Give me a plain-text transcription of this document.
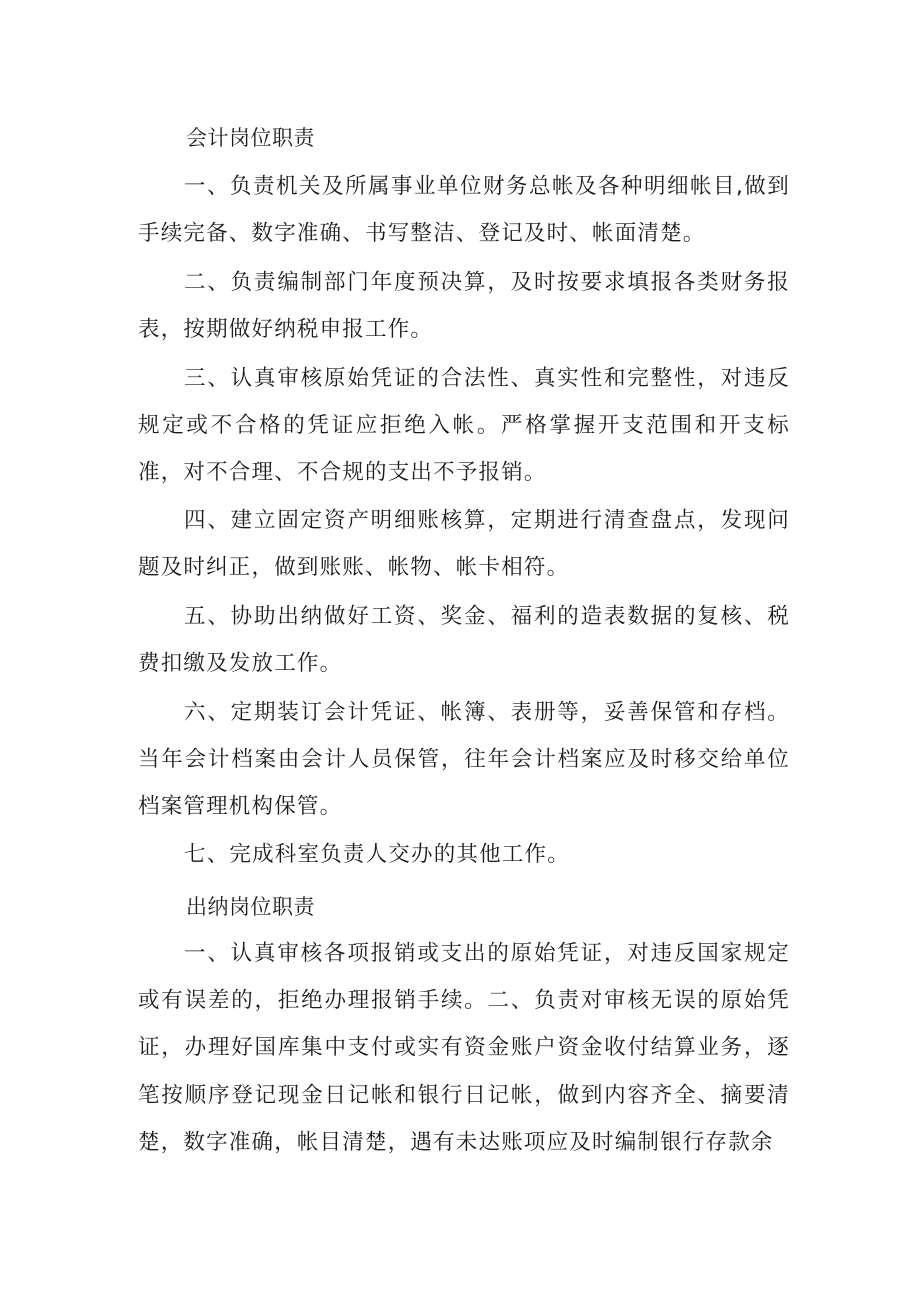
会计岗位职责
一、负责机关及所属事业单位财务总帐及各种明细帐目,做到手续完备、数字准确、书写整洁、登记及时、帐面清楚。
二、负责编制部门年度预决算，及时按要求填报各类财务报表，按期做好纳税申报工作。
三、认真审核原始凭证的合法性、真实性和完整性，对违反规定或不合格的凭证应拒绝入帐。严格掌握开支范围和开支标准，对不合理、不合规的支出不予报销。
四、建立固定资产明细账核算，定期进行清查盘点，发现问题及时纠正，做到账账、帐物、帐卡相符。
五、协助出纳做好工资、奖金、福利的造表数据的复核、税费扣缴及发放工作。
六、定期装订会计凭证、帐簿、表册等，妥善保管和存档。当年会计档案由会计人员保管，往年会计档案应及时移交给单位档案管理机构保管。
七、完成科室负责人交办的其他工作。
出纳岗位职责
一、认真审核各项报销或支出的原始凭证，对违反国家规定或有误差的，拒绝办理报销手续。二、负责对审核无误的原始凭证，办理好国库集中支付或实有资金账户资金收付结算业务，逐笔按顺序登记现金日记帐和银行日记帐，做到内容齐全、摘要清楚，数字准确，帐目清楚，遇有未达账项应及时编制银行存款余
